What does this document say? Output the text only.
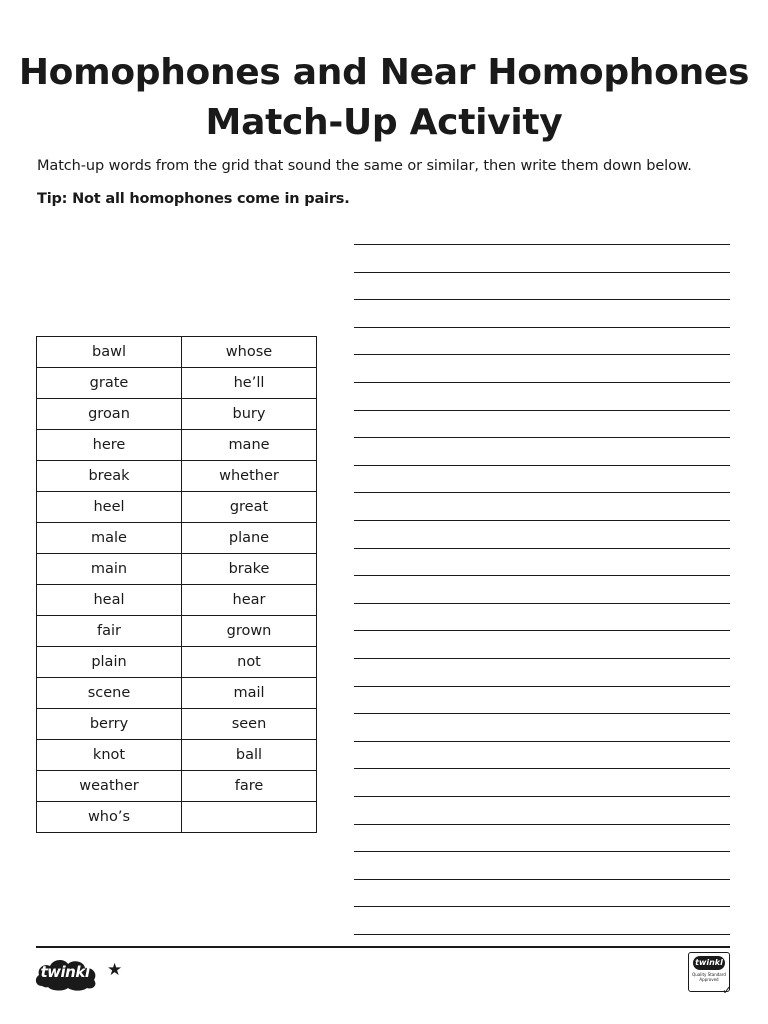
Homophones and Near Homophones
Match-Up Activity
Match-up words from the grid that sound the same or similar, then write them down below.
Tip: Not all homophones come in pairs.
bawl	whose
grate	he’ll
groan	bury
here	mane
break	whether
heel	great
male	plane
main	brake
heal	hear
fair	grown
plain	not
scene	mail
berry	seen
knot	ball
weather	fare
who’s	
twinkl	★	twinkl
Quality Standard
Approved
✓
